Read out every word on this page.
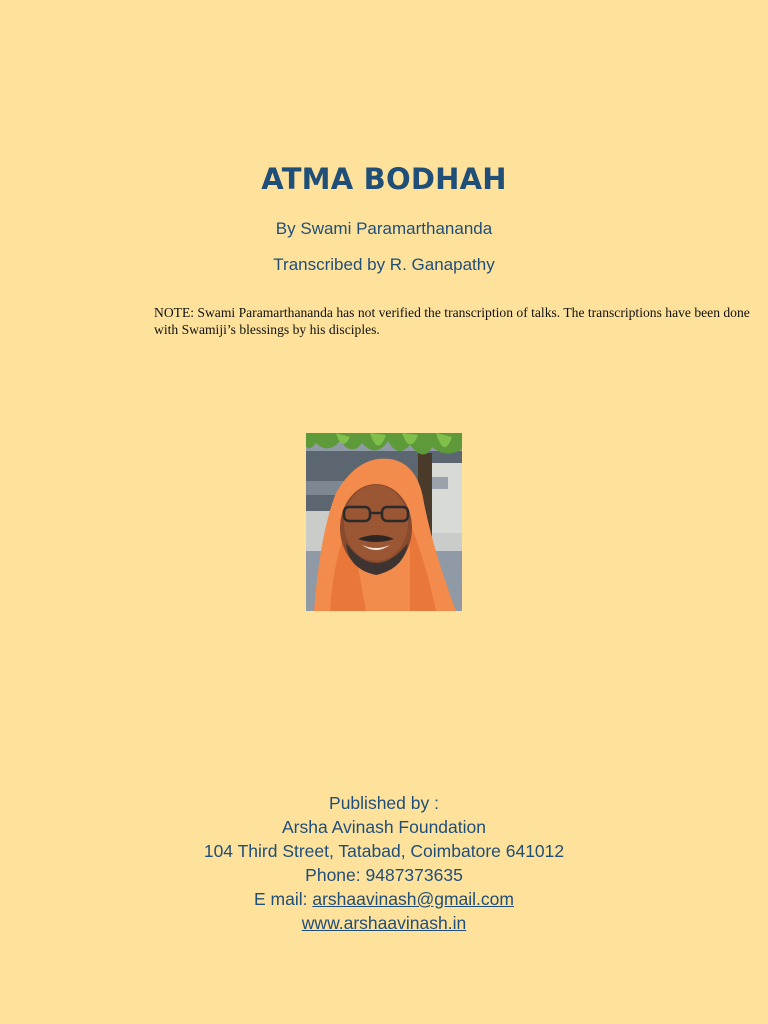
ATMA BODHAH
By Swami Paramarthananda
Transcribed by R. Ganapathy
NOTE: Swami Paramarthananda has not verified the transcription of talks. The transcriptions have been done with Swamiji’s blessings by his disciples.
Published by :
Arsha Avinash Foundation
104 Third Street, Tatabad, Coimbatore 641012
Phone: 9487373635
E mail: arshaavinash@gmail.com
www.arshaavinash.in
